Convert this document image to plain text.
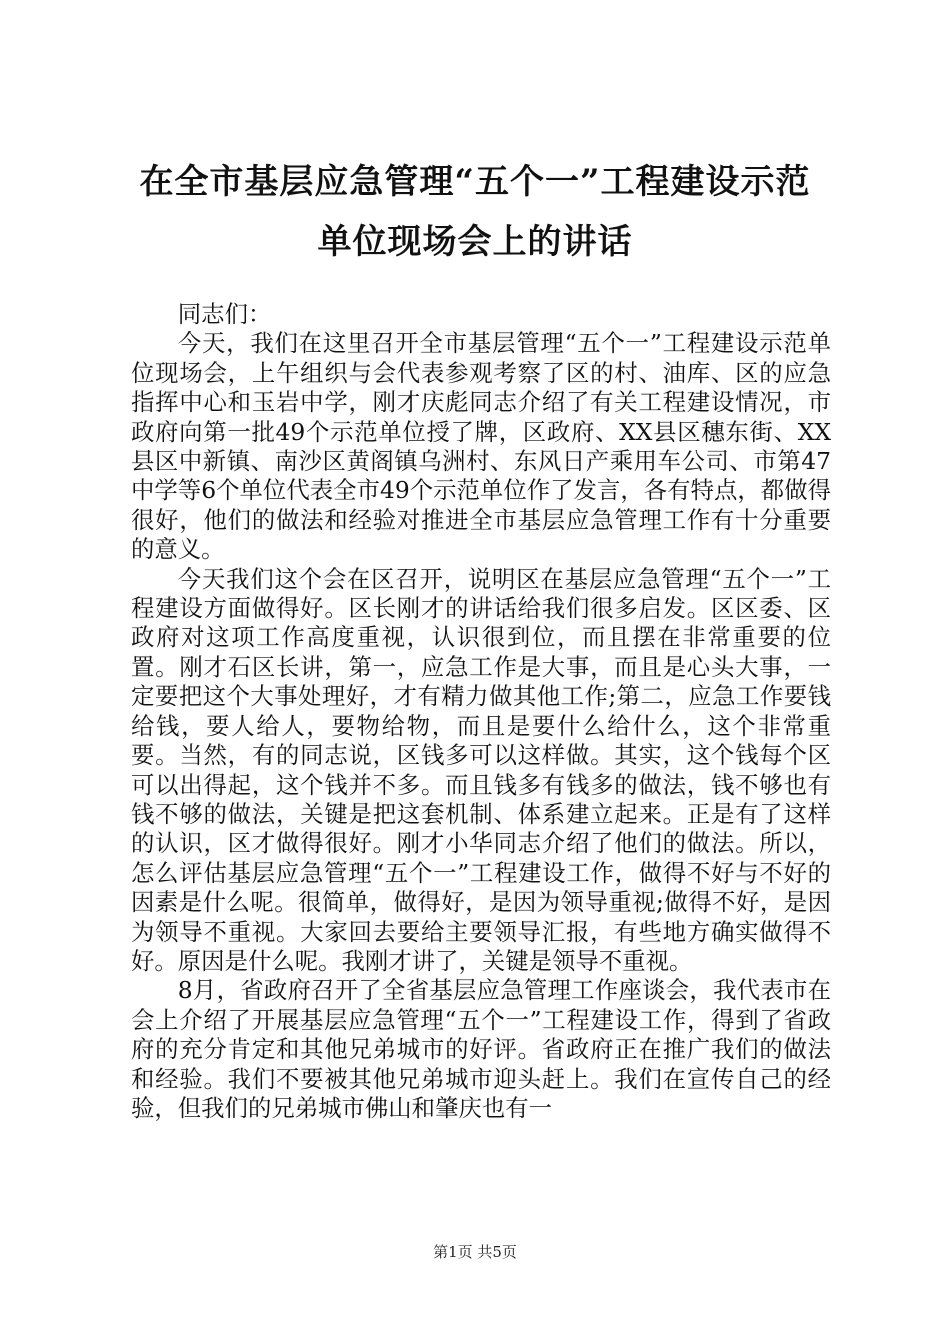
在全市基层应急管理“五个一”工程建设示范
单位现场会上的讲话

同志们：

今天，我们在这里召开全市基层管理“五个一”工程建设示范单位现场会，上午组织与会代表参观考察了区的村、油库、区的应急指挥中心和玉岩中学，刚才庆彪同志介绍了有关工程建设情况，市政府向第一批49个示范单位授了牌，区政府、XX县区穗东街、XX县区中新镇、南沙区黄阁镇乌洲村、东风日产乘用车公司、市第47中学等6个单位代表全市49个示范单位作了发言，各有特点，都做得很好，他们的做法和经验对推进全市基层应急管理工作有十分重要的意义。

今天我们这个会在区召开，说明区在基层应急管理“五个一”工程建设方面做得好。区长刚才的讲话给我们很多启发。区区委、区政府对这项工作高度重视，认识很到位，而且摆在非常重要的位置。刚才石区长讲，第一，应急工作是大事，而且是心头大事，一定要把这个大事处理好，才有精力做其他工作;第二，应急工作要钱给钱，要人给人，要物给物，而且是要什么给什么，这个非常重要。当然，有的同志说，区钱多可以这样做。其实，这个钱每个区可以出得起，这个钱并不多。而且钱多有钱多的做法，钱不够也有钱不够的做法，关键是把这套机制、体系建立起来。正是有了这样的认识，区才做得很好。刚才小华同志介绍了他们的做法。所以，怎么评估基层应急管理“五个一”工程建设工作，做得不好与不好的因素是什么呢。很简单，做得好，是因为领导重视;做得不好，是因为领导不重视。大家回去要给主要领导汇报，有些地方确实做得不好。原因是什么呢。我刚才讲了，关键是领导不重视。

8月，省政府召开了全省基层应急管理工作座谈会，我代表市在会上介绍了开展基层应急管理“五个一”工程建设工作，得到了省政府的充分肯定和其他兄弟城市的好评。省政府正在推广我们的做法和经验。我们不要被其他兄弟城市迎头赶上。我们在宣传自己的经验，但我们的兄弟城市佛山和肇庆也有一

第1页 共5页
